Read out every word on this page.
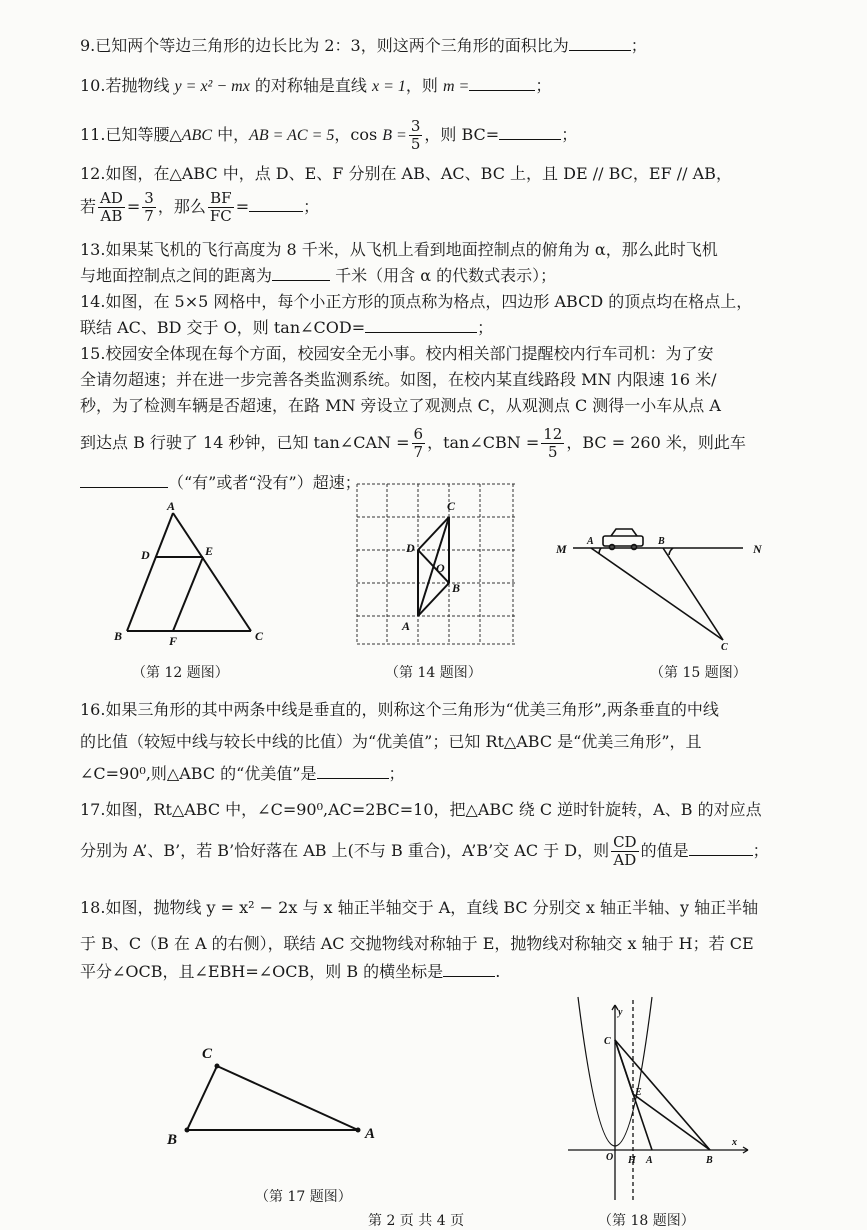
9.已知两个等边三角形的边长比为 2：3，则这两个三角形的面积比为	；
10.若抛物线 y = x² − mx 的对称轴是直线 x = 1，则 m =	；
11.已知等腰△ABC 中，AB = AC = 5，$\cos B = \frac{3}{5}$ ，则 BC=	；
12.如图，在△ABC 中，点 D、E、F 分别在 AB、AC、BC 上，且 DE // BC，EF // AB，
若 $\frac{AD}{AB} = \frac{3}{7}$ ，那么 $\frac{BF}{FC}$ =	；
13.如果某飞机的飞行高度为 8 千米，从飞机上看到地面控制点的俯角为 α，那么此时飞机
与地面控制点之间的距离为	千米（用含 α 的代数式表示）；
14.如图，在 5×5 网格中，每个小正方形的顶点称为格点，四边形 ABCD 的顶点均在格点上，
联结 AC、BD 交于 O，则 tan∠COD=	；
15.校园安全体现在每个方面，校园安全无小事。校内相关部门提醒校内行车司机：为了安
全请勿超速；并在进一步完善各类监测系统。如图，在校内某直线路段 MN 内限速 16 米/
秒，为了检测车辆是否超速，在路 MN 旁设立了观测点 C，从观测点 C 测得一小车从点 A
到达点 B 行驶了 14 秒钟，已知 tan∠CAN = $\frac{6}{7}$ ，tan∠CBN = $\frac{12}{5}$ ，BC = 260 米，则此车
（“有”或者“没有”）超速；
A
D	E
B	F	C
C
D
O
B
A
M
A	B
N
C
（第 12 题图）	（第 14 题图）	（第 15 题图）
16.如果三角形的其中两条中线是垂直的，则称这个三角形为“优美三角形”,两条垂直的中线
的比值（较短中线与较长中线的比值）为“优美值”；已知 Rt△ABC 是“优美三角形”，且
∠C=90⁰,则△ABC 的“优美值”是	；
17.如图，Rt△ABC 中，∠C=90⁰,AC=2BC=10，把△ABC 绕 C 逆时针旋转，A、B 的对应点
分别为 A’、B’，若 B’恰好落在 AB 上(不与 B 重合)，A’B’交 AC 于 D，则 $\frac{CD}{AD}$ 的值是	；
18.如图，抛物线 y = x² − 2x 与 x 轴正半轴交于 A，直线 BC 分别交 x 轴正半轴、y 轴正半轴
于 B、C（B 在 A 的右侧），联结 AC 交抛物线对称轴于 E，抛物线对称轴交 x 轴于 H；若 CE
平分∠OCB，且∠EBH=∠OCB，则 B 的横坐标是	.
C
B	A
y
C
E
O H A	B
x
（第 17 题图）
（第 18 题图）
第 2 页 共 4 页
